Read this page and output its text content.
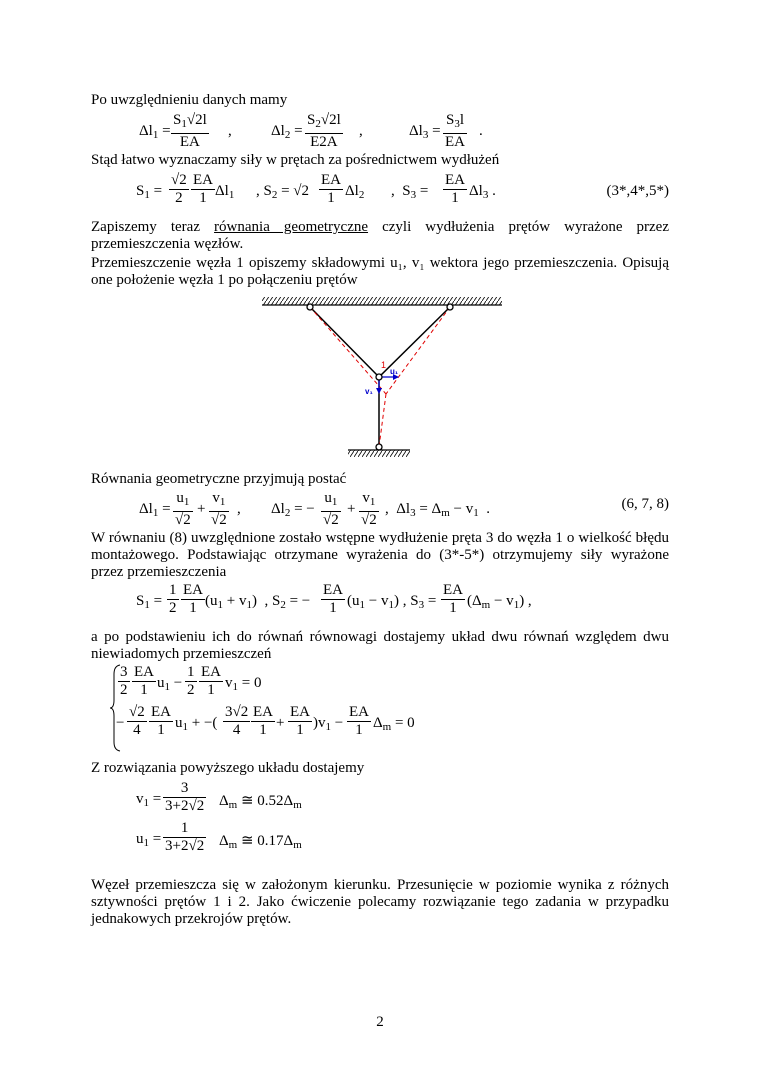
Po uwzględnieniu danych mamy

$\Delta l_1$ =
$S_1√2l$
EA
,	$\Delta l_2$ =
$S_2√2l$
E2A
,	$\Delta l_3$ =
$S_3l$
EA
.

Stąd łatwo wyznaczamy siły w prętach za pośrednictwem wydłużeń

$S_1$ =
√2
2
EA
1 $\Delta l_1$ , $S_2 = √2$
EA
1 $\Delta l_2$ ,  $S_3$ =
EA
1 $\Delta l_3$ .	(3*,4*,5*)

Zapiszemy teraz równania geometryczne czyli wydłużenia prętów wyrażone przez przemieszczenia węzłów.

Przemieszczenie węzła 1 opiszemy składowymi u₁, v₁ wektora jego przemieszczenia. Opisują one położenie węzła 1 po połączeniu prętów

1
u₁
v₁

Równania geometryczne przyjmują postać

$\Delta l_1$ =
$u_1$
√2
+
$v_1$
√2
, $\Delta l_2$ = −
$u_1$
√2
+
$v_1$
√2
,  $\Delta l_3 = \Delta_m - v_1$  .	(6, 7, 8)

W równaniu (8) uwzględnione zostało wstępne wydłużenie pręta 3 do węzła 1 o wielkość błędu montażowego. Podstawiając otrzymane wyrażenia do (3*-5*) otrzymujemy siły wyrażone przez przemieszczenia

$S_1$ =
1
2
EA
1 $(u_1 + v_1)$  , $S_2$ = −
EA
1 $(u_1 - v_1)$ , $S_3$ =
EA
1 $(\Delta_m - v_1)$ ,

a po podstawieniu ich do równań równowagi dostajemy układ dwu równań względem dwu niewiadomych przemieszczeń

3
2
EA
1 $u_1$ −
1
2
EA
1 $v_1 = 0$
−
√2
4
EA
1 $u_1$ + −(
3√2
4
EA
1 +
EA
1 )$v_1$ −
EA
1 $\Delta_m = 0$

Z rozwiązania powyższego układu dostajemy

$v_1$ =
3
3+2√2 $\Delta_m$ ≅ $0.52\Delta_m$
$u_1$ =
1
3+2√2 $\Delta_m$ ≅ $0.17\Delta_m$

Węzeł przemieszcza się w założonym kierunku. Przesunięcie w poziomie wynika z różnych sztywności prętów 1 i 2. Jako ćwiczenie polecamy rozwiązanie tego zadania w przypadku jednakowych przekrojów prętów.

2
